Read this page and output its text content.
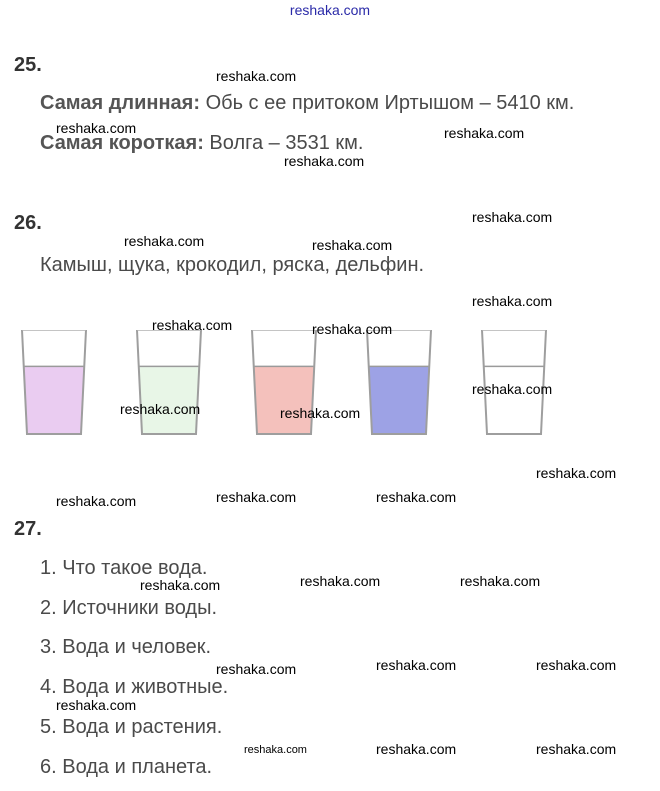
reshaka.com
25.
Самая длинная: Обь с ее притоком Иртышом – 5410 км.
Самая короткая: Волга – 3531 км.
26.
Камыш, щука, крокодил, ряска, дельфин.
27.
1. Что такое вода.
2. Источники воды.
3. Вода и человек.
4. Вода и животные.
5. Вода и растения.
6. Вода и планета.
reshaka.com
reshaka.com	reshaka.com
reshaka.com
reshaka.com
reshaka.com	reshaka.com
reshaka.com
reshaka.com	reshaka.com
reshaka.com
reshaka.com	reshaka.com
reshaka.com
reshaka.com	reshaka.com	reshaka.com
reshaka.com	reshaka.com	reshaka.com
reshaka.com	reshaka.com	reshaka.com
reshaka.com
reshaka.com	reshaka.com	reshaka.com
